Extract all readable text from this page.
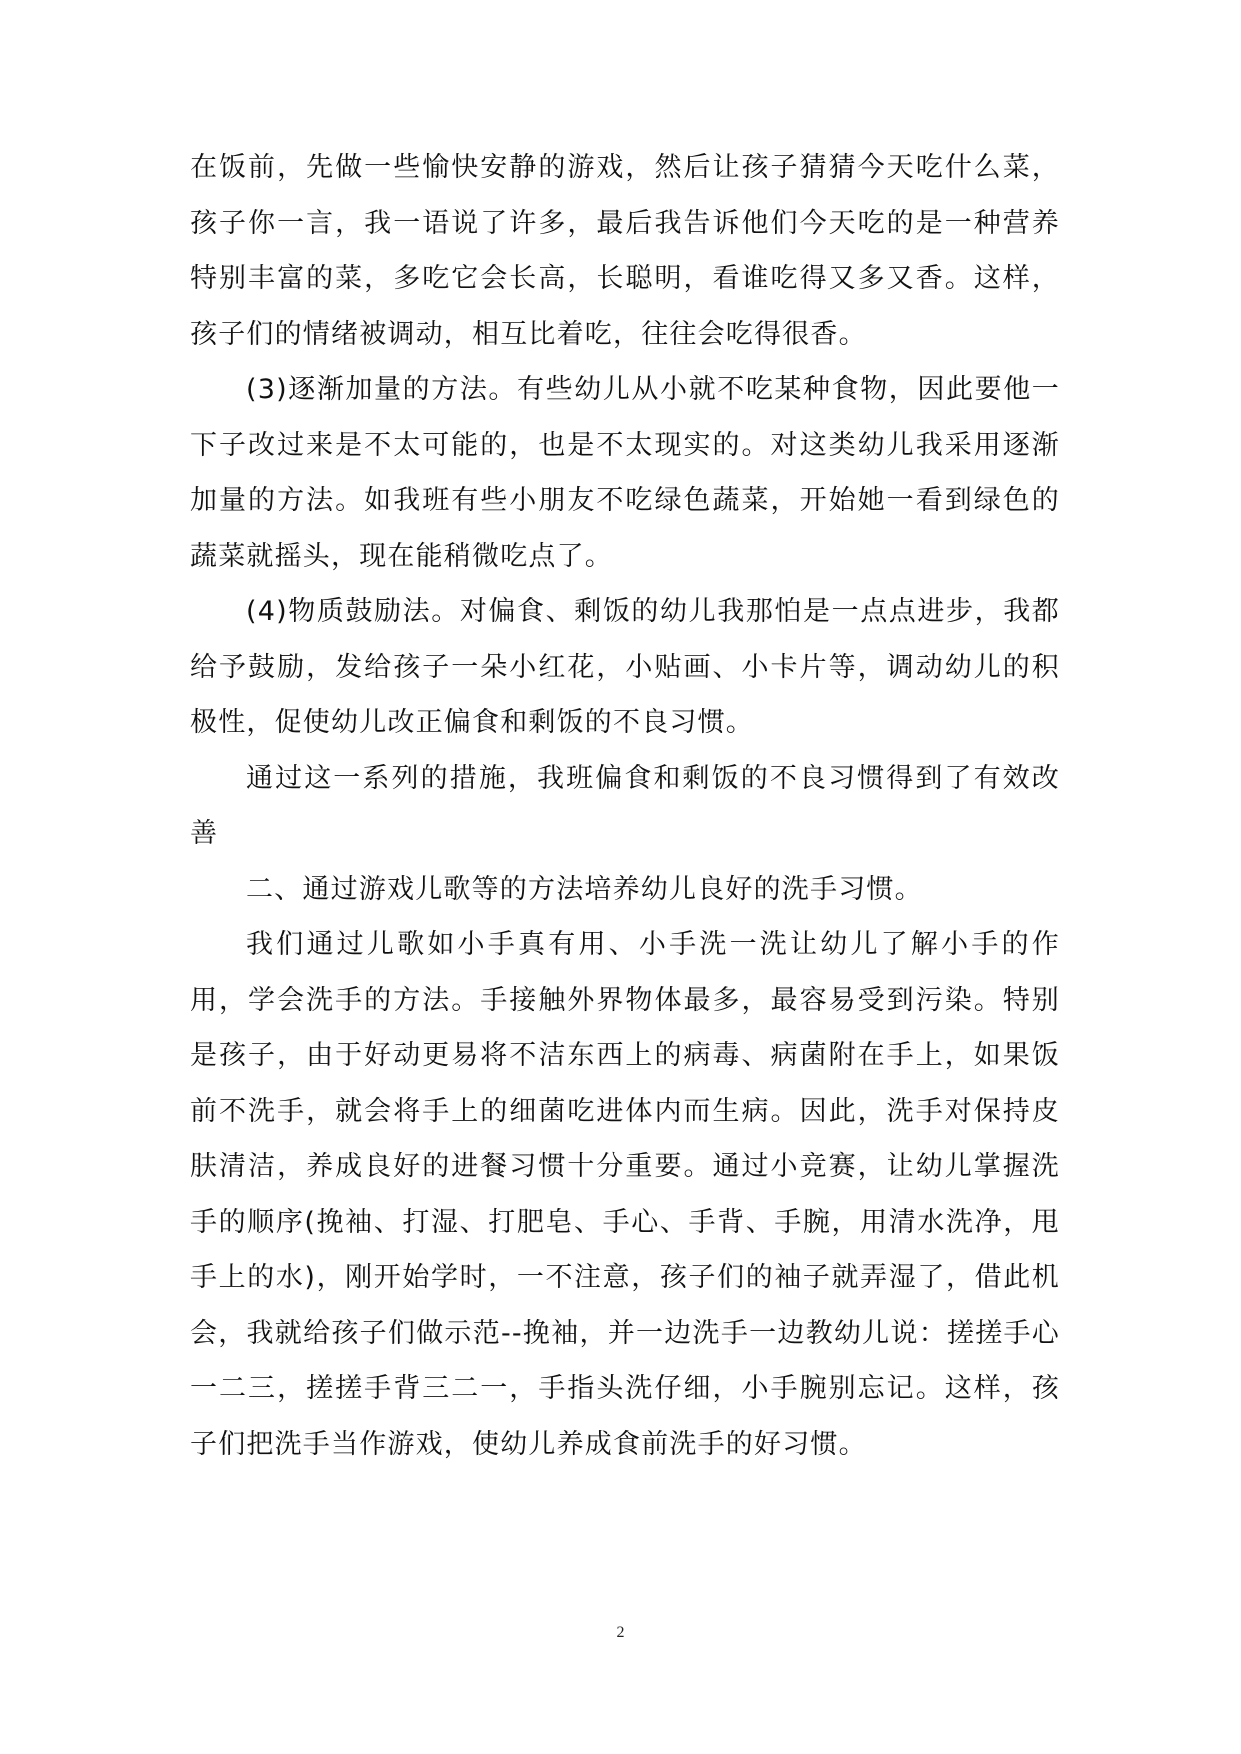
在饭前，先做一些愉快安静的游戏，然后让孩子猜猜今天吃什么菜，孩子你一言，我一语说了许多，最后我告诉他们今天吃的是一种营养特别丰富的菜，多吃它会长高，长聪明，看谁吃得又多又香。这样，孩子们的情绪被调动，相互比着吃，往往会吃得很香。

(3)逐渐加量的方法。有些幼儿从小就不吃某种食物，因此要他一下子改过来是不太可能的，也是不太现实的。对这类幼儿我采用逐渐加量的方法。如我班有些小朋友不吃绿色蔬菜，开始她一看到绿色的蔬菜就摇头，现在能稍微吃点了。

(4)物质鼓励法。对偏食、剩饭的幼儿我那怕是一点点进步，我都给予鼓励，发给孩子一朵小红花，小贴画、小卡片等，调动幼儿的积极性，促使幼儿改正偏食和剩饭的不良习惯。

通过这一系列的措施，我班偏食和剩饭的不良习惯得到了有效改善

二、通过游戏儿歌等的方法培养幼儿良好的洗手习惯。

我们通过儿歌如小手真有用、小手洗一洗让幼儿了解小手的作用，学会洗手的方法。手接触外界物体最多，最容易受到污染。特别是孩子，由于好动更易将不洁东西上的病毒、病菌附在手上，如果饭前不洗手，就会将手上的细菌吃进体内而生病。因此，洗手对保持皮肤清洁，养成良好的进餐习惯十分重要。通过小竞赛，让幼儿掌握洗手的顺序(挽袖、打湿、打肥皂、手心、手背、手腕，用清水洗净，甩手上的水)，刚开始学时，一不注意，孩子们的袖子就弄湿了，借此机会，我就给孩子们做示范--挽袖，并一边洗手一边教幼儿说：搓搓手心一二三，搓搓手背三二一，手指头洗仔细，小手腕别忘记。这样，孩子们把洗手当作游戏，使幼儿养成食前洗手的好习惯。

2
